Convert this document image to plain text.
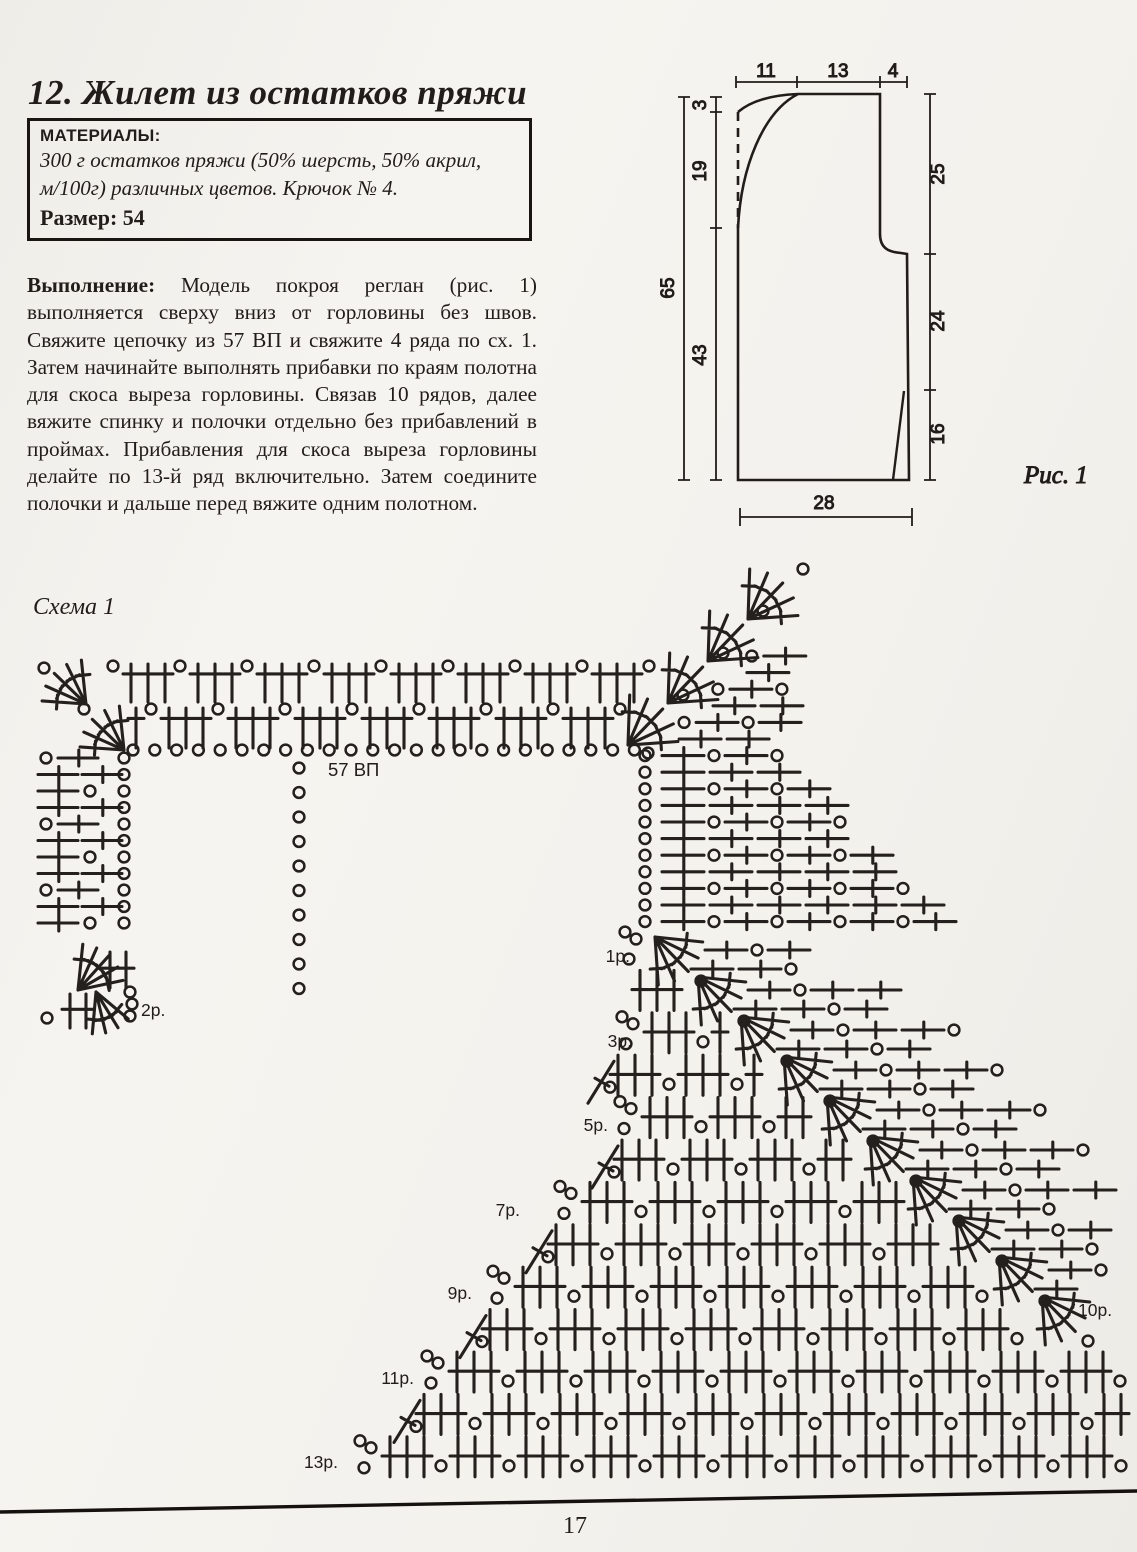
11	13 4
3
19
65
43
25
24
16
28
Рис. 1
57 ВП
1р.
2р.
3р.
5р.
7р.
9р.
10р.
11р.
13р.
12. Жилет из остатков пряжи
МАТЕРИАЛЫ:
300 г остатков пряжи (50% шерсть, 50% акрил, м/100г) различных цветов. Крючок № 4.
Размер: 54

Выполнение: Модель покроя реглан (рис. 1) выполняется сверху вниз от горловины без швов. Свяжите цепочку из 57 ВП и свяжите 4 ряда по сх. 1. Затем начинайте выполнять прибавки по краям полотна для скоса выреза горловины. Связав 10 рядов, далее вяжите спинку и полочки отдельно без прибавлений в проймах. Прибавления для скоса выреза горловины делайте по 13-й ряд включительно. Затем соедините полочки и дальше перед вяжите одним полотном.

Схема 1
17
